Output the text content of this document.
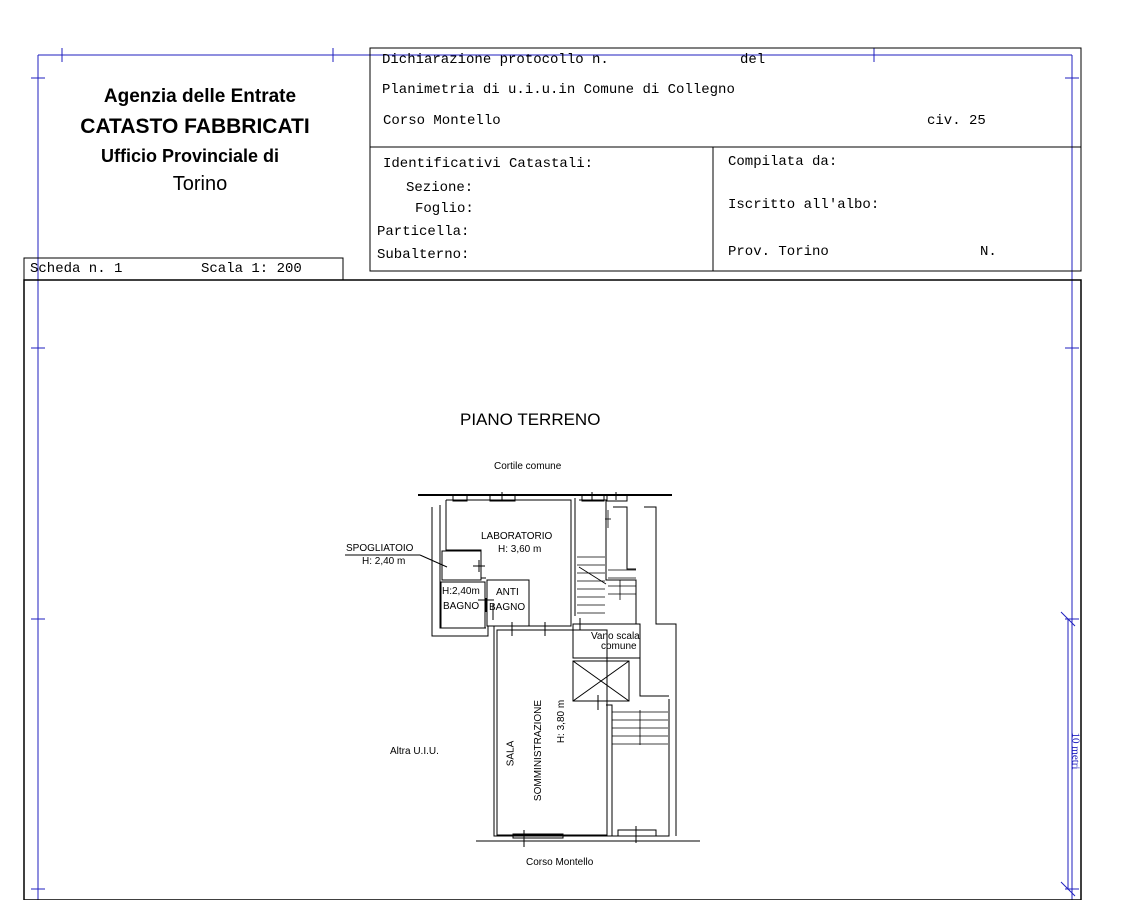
Agenzia delle Entrate
CATASTO FABBRICATI
Ufficio Provinciale di
Torino
Dichiarazione protocollo n.	del
Planimetria di u.i.u.in Comune di Collegno
Corso Montello	civ. 25
Identificativi Catastali:
Sezione:
Foglio:
Particella:
Subalterno:
Compilata da:
Iscritto all'albo:
Prov. Torino	N.
Scheda n. 1	Scala 1: 200
PIANO TERRENO
Cortile comune
LABORATORIO
H: 3,60 m
SPOGLIATOIO
H: 2,40 m
H:2,40m
BAGNO
ANTI
BAGNO
Vano scala
comune
Altra U.I.U.
Corso Montello
SALA SOMMINISTRAZIONE H: 3,80 m
10 metri
